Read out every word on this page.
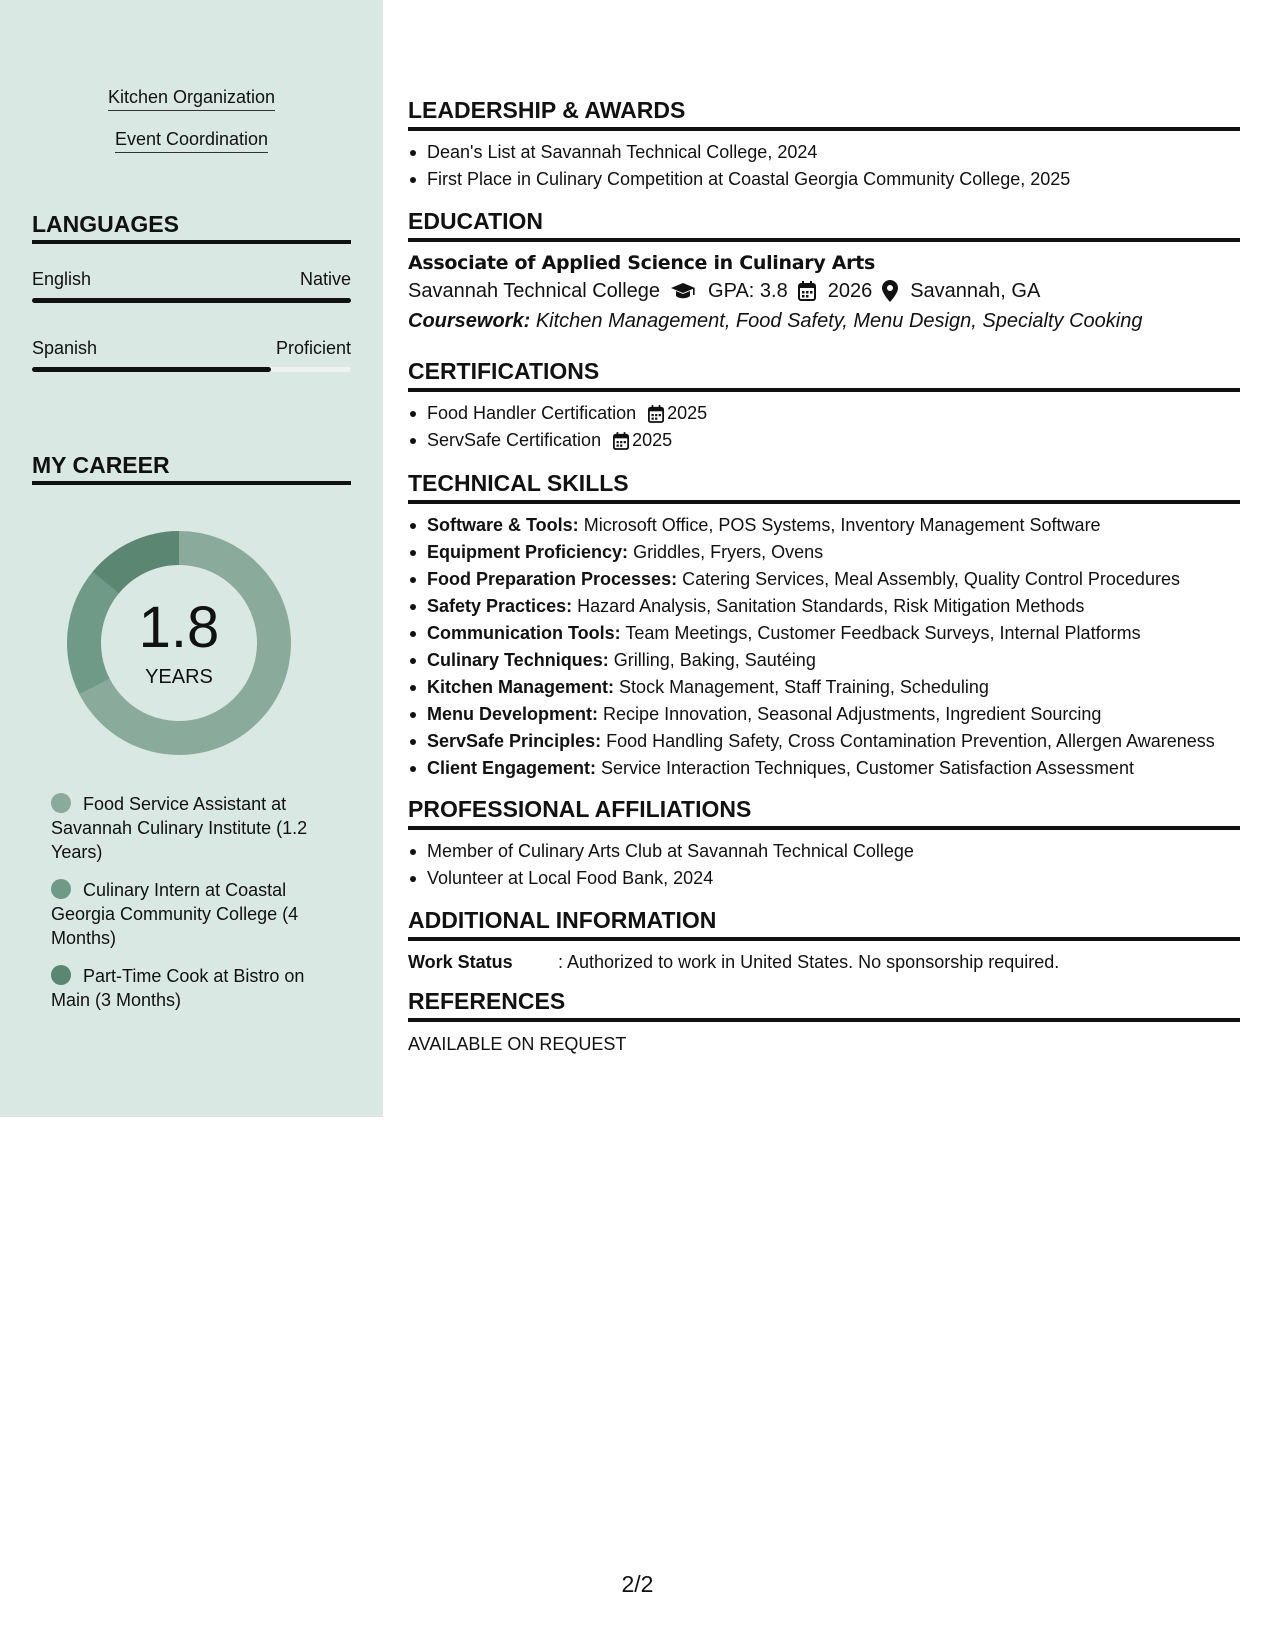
Kitchen Organization
Event Coordination
LANGUAGES
English	Native
Spanish	Proficient
MY CAREER
1.8
YEARS
Food Service Assistant at Savannah Culinary Institute (1.2 Years)
Culinary Intern at Coastal Georgia Community College (4 Months)
Part-Time Cook at Bistro on Main (3 Months)
LEADERSHIP & AWARDS
Dean's List at Savannah Technical College, 2024
First Place in Culinary Competition at Coastal Georgia Community College, 2025
EDUCATION
Associate of Applied Science in Culinary Arts
Savannah Technical College GPA: 3.8 2026 Savannah, GA
Coursework: Kitchen Management, Food Safety, Menu Design, Specialty Cooking
CERTIFICATIONS
Food Handler Certification 2025
ServSafe Certification 2025
TECHNICAL SKILLS
Software & Tools: Microsoft Office, POS Systems, Inventory Management Software
Equipment Proficiency: Griddles, Fryers, Ovens
Food Preparation Processes: Catering Services, Meal Assembly, Quality Control Procedures
Safety Practices: Hazard Analysis, Sanitation Standards, Risk Mitigation Methods
Communication Tools: Team Meetings, Customer Feedback Surveys, Internal Platforms
Culinary Techniques: Grilling, Baking, Sautéing
Kitchen Management: Stock Management, Staff Training, Scheduling
Menu Development: Recipe Innovation, Seasonal Adjustments, Ingredient Sourcing
ServSafe Principles: Food Handling Safety, Cross Contamination Prevention, Allergen Awareness
Client Engagement: Service Interaction Techniques, Customer Satisfaction Assessment
PROFESSIONAL AFFILIATIONS
Member of Culinary Arts Club at Savannah Technical College
Volunteer at Local Food Bank, 2024
ADDITIONAL INFORMATION
Work Status	: Authorized to work in United States. No sponsorship required.
REFERENCES
AVAILABLE ON REQUEST
2/2
